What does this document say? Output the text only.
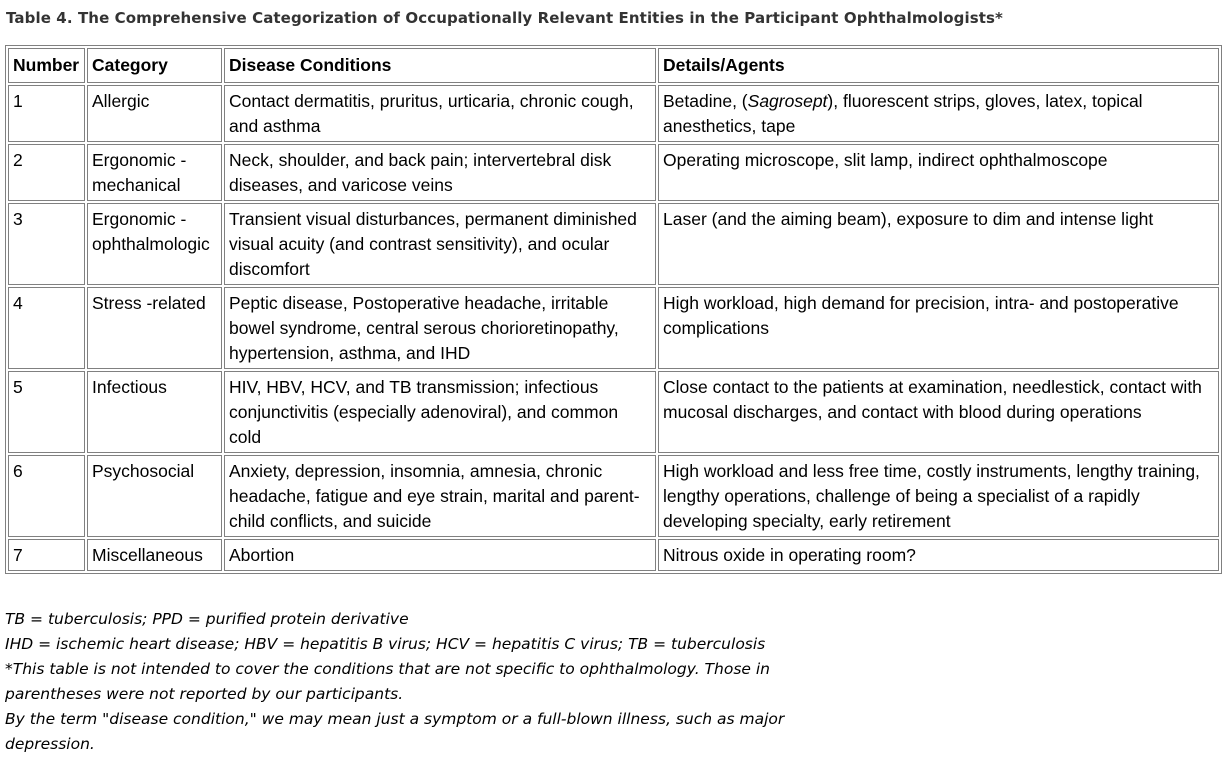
Table 4. The Comprehensive Categorization of Occupationally Relevant Entities in the Participant Ophthalmologists*
Number	Category	Disease Conditions	Details/Agents
1	Allergic	Contact dermatitis, pruritus, urticaria, chronic cough, and asthma	Betadine, (Sagrosept), fluorescent strips, gloves, latex, topical anesthetics, tape
2	Ergonomic - mechanical	Neck, shoulder, and back pain; intervertebral disk diseases, and varicose veins	Operating microscope, slit lamp, indirect ophthalmoscope
3	Ergonomic - ophthalmologic	Transient visual disturbances, permanent diminished visual acuity (and contrast sensitivity), and ocular discomfort	Laser (and the aiming beam), exposure to dim and intense light
4	Stress -related	Peptic disease, Postoperative headache, irritable bowel syndrome, central serous chorioretinopathy, hypertension, asthma, and IHD	High workload, high demand for precision, intra- and postoperative complications
5	Infectious	HIV, HBV, HCV, and TB transmission; infectious conjunctivitis (especially adenoviral), and common cold	Close contact to the patients at examination, needlestick, contact with mucosal discharges, and contact with blood during operations
6	Psychosocial	Anxiety, depression, insomnia, amnesia, chronic headache, fatigue and eye strain, marital and parent-child conflicts, and suicide	High workload and less free time, costly instruments, lengthy training, lengthy operations, challenge of being a specialist of a rapidly developing specialty, early retirement
7	Miscellaneous	Abortion	Nitrous oxide in operating room?

TB = tuberculosis; PPD = purified protein derivative

IHD = ischemic heart disease; HBV = hepatitis B virus; HCV = hepatitis C virus; TB = tuberculosis

*This table is not intended to cover the conditions that are not specific to ophthalmology. Those in parentheses were not reported by our participants.

By the term "disease condition," we may mean just a symptom or a full-blown illness, such as major depression.
